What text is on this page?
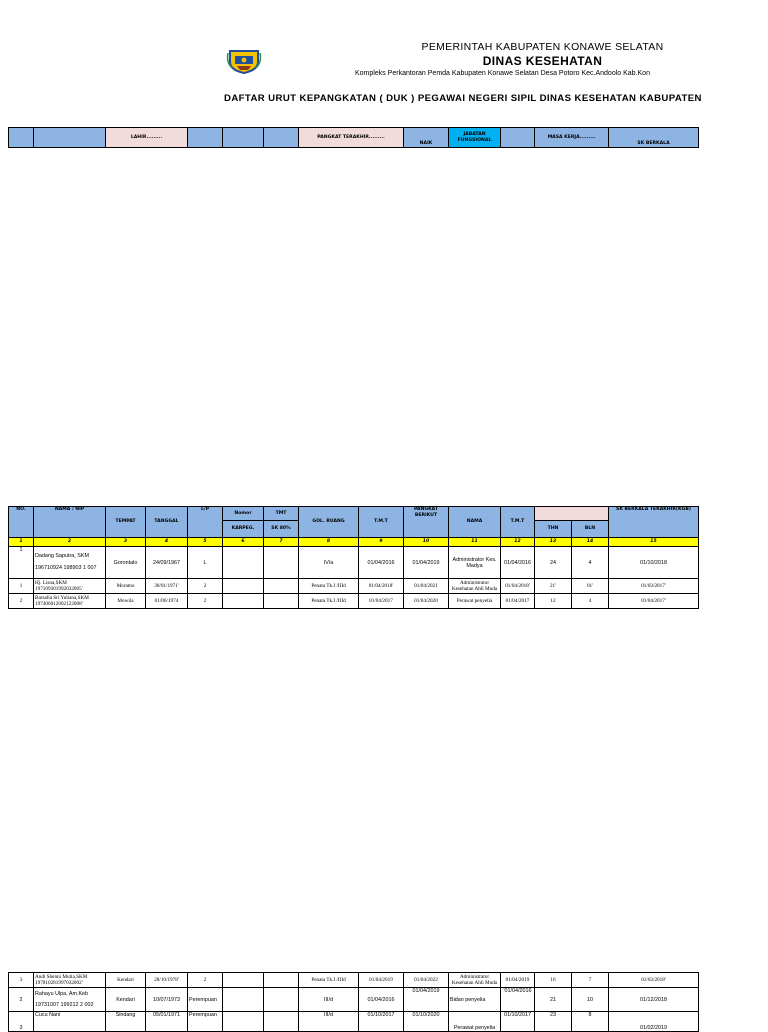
PEMERINTAH KABUPATEN KONAWE SELATAN
DINAS KESEHATAN
Kompleks Perkantoran Pemda Kabupaten Konawe Selatan Desa Potoro Kec.Andoolo Kab.Kon
DAFTAR URUT KEPANGKATAN ( DUK ) PEGAWAI NEGERI SIPIL DINAS KESEHATAN KABUPATEN
		LAHIR.........				PANGKAT TERAKHIR.........	NAIK	JABATAN FUNGSIONAL		MASA KERJA.........	SK BERKALA
NO.	NAMA / NIP	TEMPAT	TANGGAL	L/P	Nomor	TMT	GOL. RUANG	T.M.T	PANGKAT BERIKUT	NAMA	T.M.T			SK BERKALA TERAKHIR(KGB)
					KARPEG.	SK 80%						THN	BLN	
1	2	3	4	5	6	7	8	9	10	11	12	13	14	15
1	Dadang Saputra, SKM
196710924 198903 1 007	Gorontalo	24/09/1967	L			IV/a	01/04/2016	01/04/2019	Administrator Kes. Madya	01/04/2016	24	4	01/10/2018
1	Hj. Lisna,SKM
197109301992032005'	Moramo	30/01/1971'	2			Penata Tk.I /IIId	01/04/2018'	01/04/2021	Administrator Kesehatan Ahli Muda	01/04/2018'	21'	01'	01/03/2017'
2	Barsalia Sri Yuliana,SKM
197406012002122008'	Mowila	01/06/1974	2			Penata Tk.I /IIId	01/04/2017	01/04/2020	Perawat penyelia	01/04/2017	12	4	01/04/2017'
3	Andi Shenni Mutia,SKM
197810281997032002'	Kendari	28/10/1978'	2			Penata Tk.I /IIId	01/04/2019	01/04/2022	Administrator Kesehatan Ahli Muda	01/04/2019	16	7	01/03/2018'
2	Rahayu Ulpa, Am.Keb
19731007 199212 2 002	Kendari	10/07/1973	Perempuan			III/d	01/04/2016	01/04/2019	Bidan penyelia	'01/04/2016	21	10	01/12/2018
3	Cucu Nani	Sindang	05/01/1971	Perempuan			III/d	01/10/2017	01/10/2020	Perawat penyelia	01/10/2017	23	8	01/02/2019
